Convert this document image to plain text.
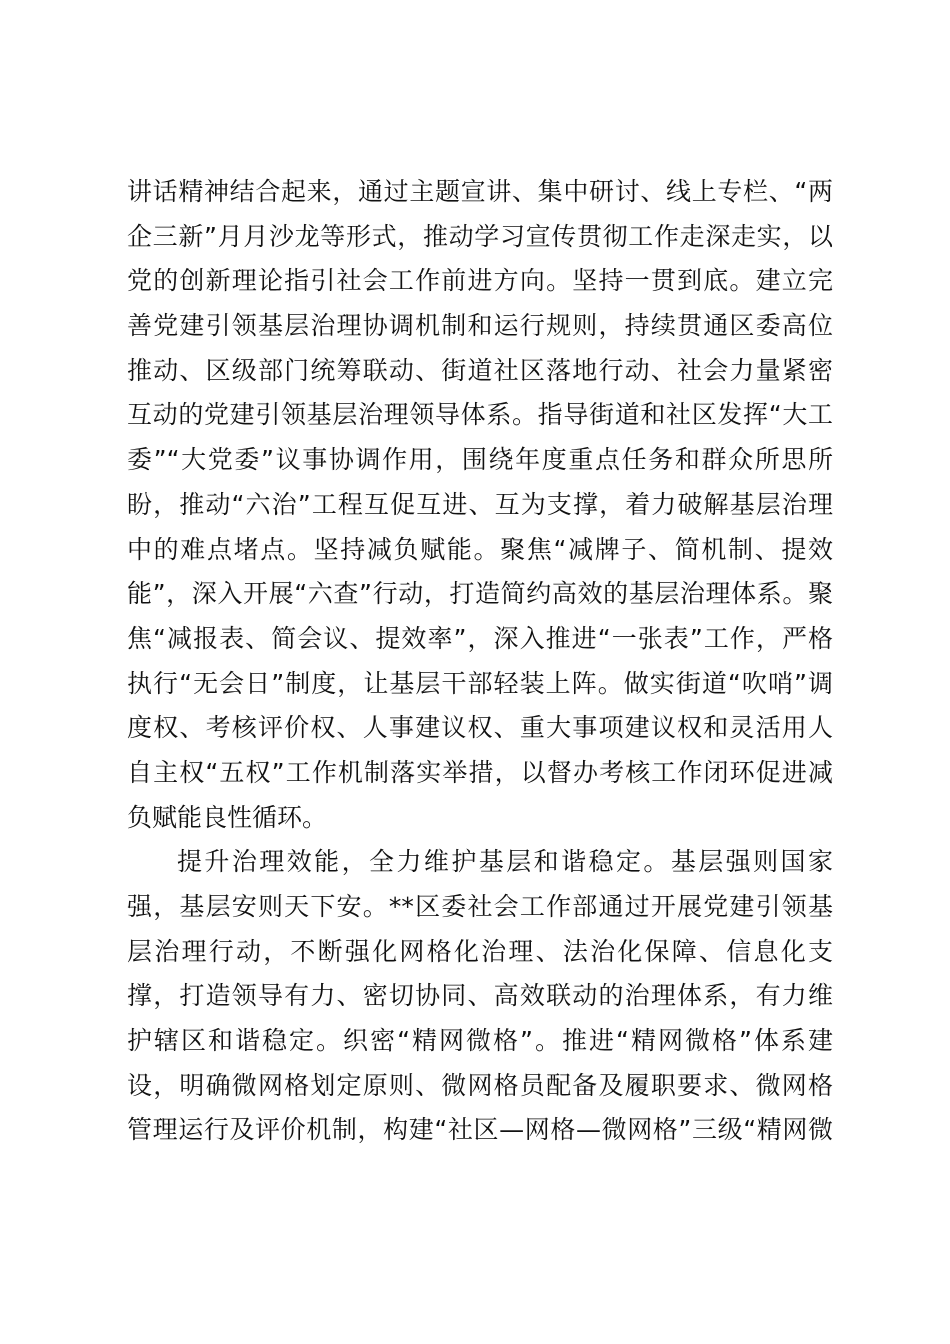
讲话精神结合起来，通过主题宣讲、集中研讨、线上专栏、“两
企三新”月月沙龙等形式，推动学习宣传贯彻工作走深走实，以
党的创新理论指引社会工作前进方向。坚持一贯到底。建立完
善党建引领基层治理协调机制和运行规则，持续贯通区委高位
推动、区级部门统筹联动、街道社区落地行动、社会力量紧密
互动的党建引领基层治理领导体系。指导街道和社区发挥“大工
委”“大党委”议事协调作用，围绕年度重点任务和群众所思所
盼，推动“六治”工程互促互进、互为支撑，着力破解基层治理
中的难点堵点。坚持减负赋能。聚焦“减牌子、简机制、提效
能”，深入开展“六查”行动，打造简约高效的基层治理体系。聚
焦“减报表、简会议、提效率”，深入推进“一张表”工作，严格
执行“无会日”制度，让基层干部轻装上阵。做实街道“吹哨”调
度权、考核评价权、人事建议权、重大事项建议权和灵活用人
自主权“五权”工作机制落实举措，以督办考核工作闭环促进减
负赋能良性循环。
提升治理效能，全力维护基层和谐稳定。基层强则国家
强，基层安则天下安。**区委社会工作部通过开展党建引领基
层治理行动，不断强化网格化治理、法治化保障、信息化支
撑，打造领导有力、密切协同、高效联动的治理体系，有力维
护辖区和谐稳定。织密“精网微格”。推进“精网微格”体系建
设，明确微网格划定原则、微网格员配备及履职要求、微网格
管理运行及评价机制，构建“社区—网格—微网格”三级“精网微
